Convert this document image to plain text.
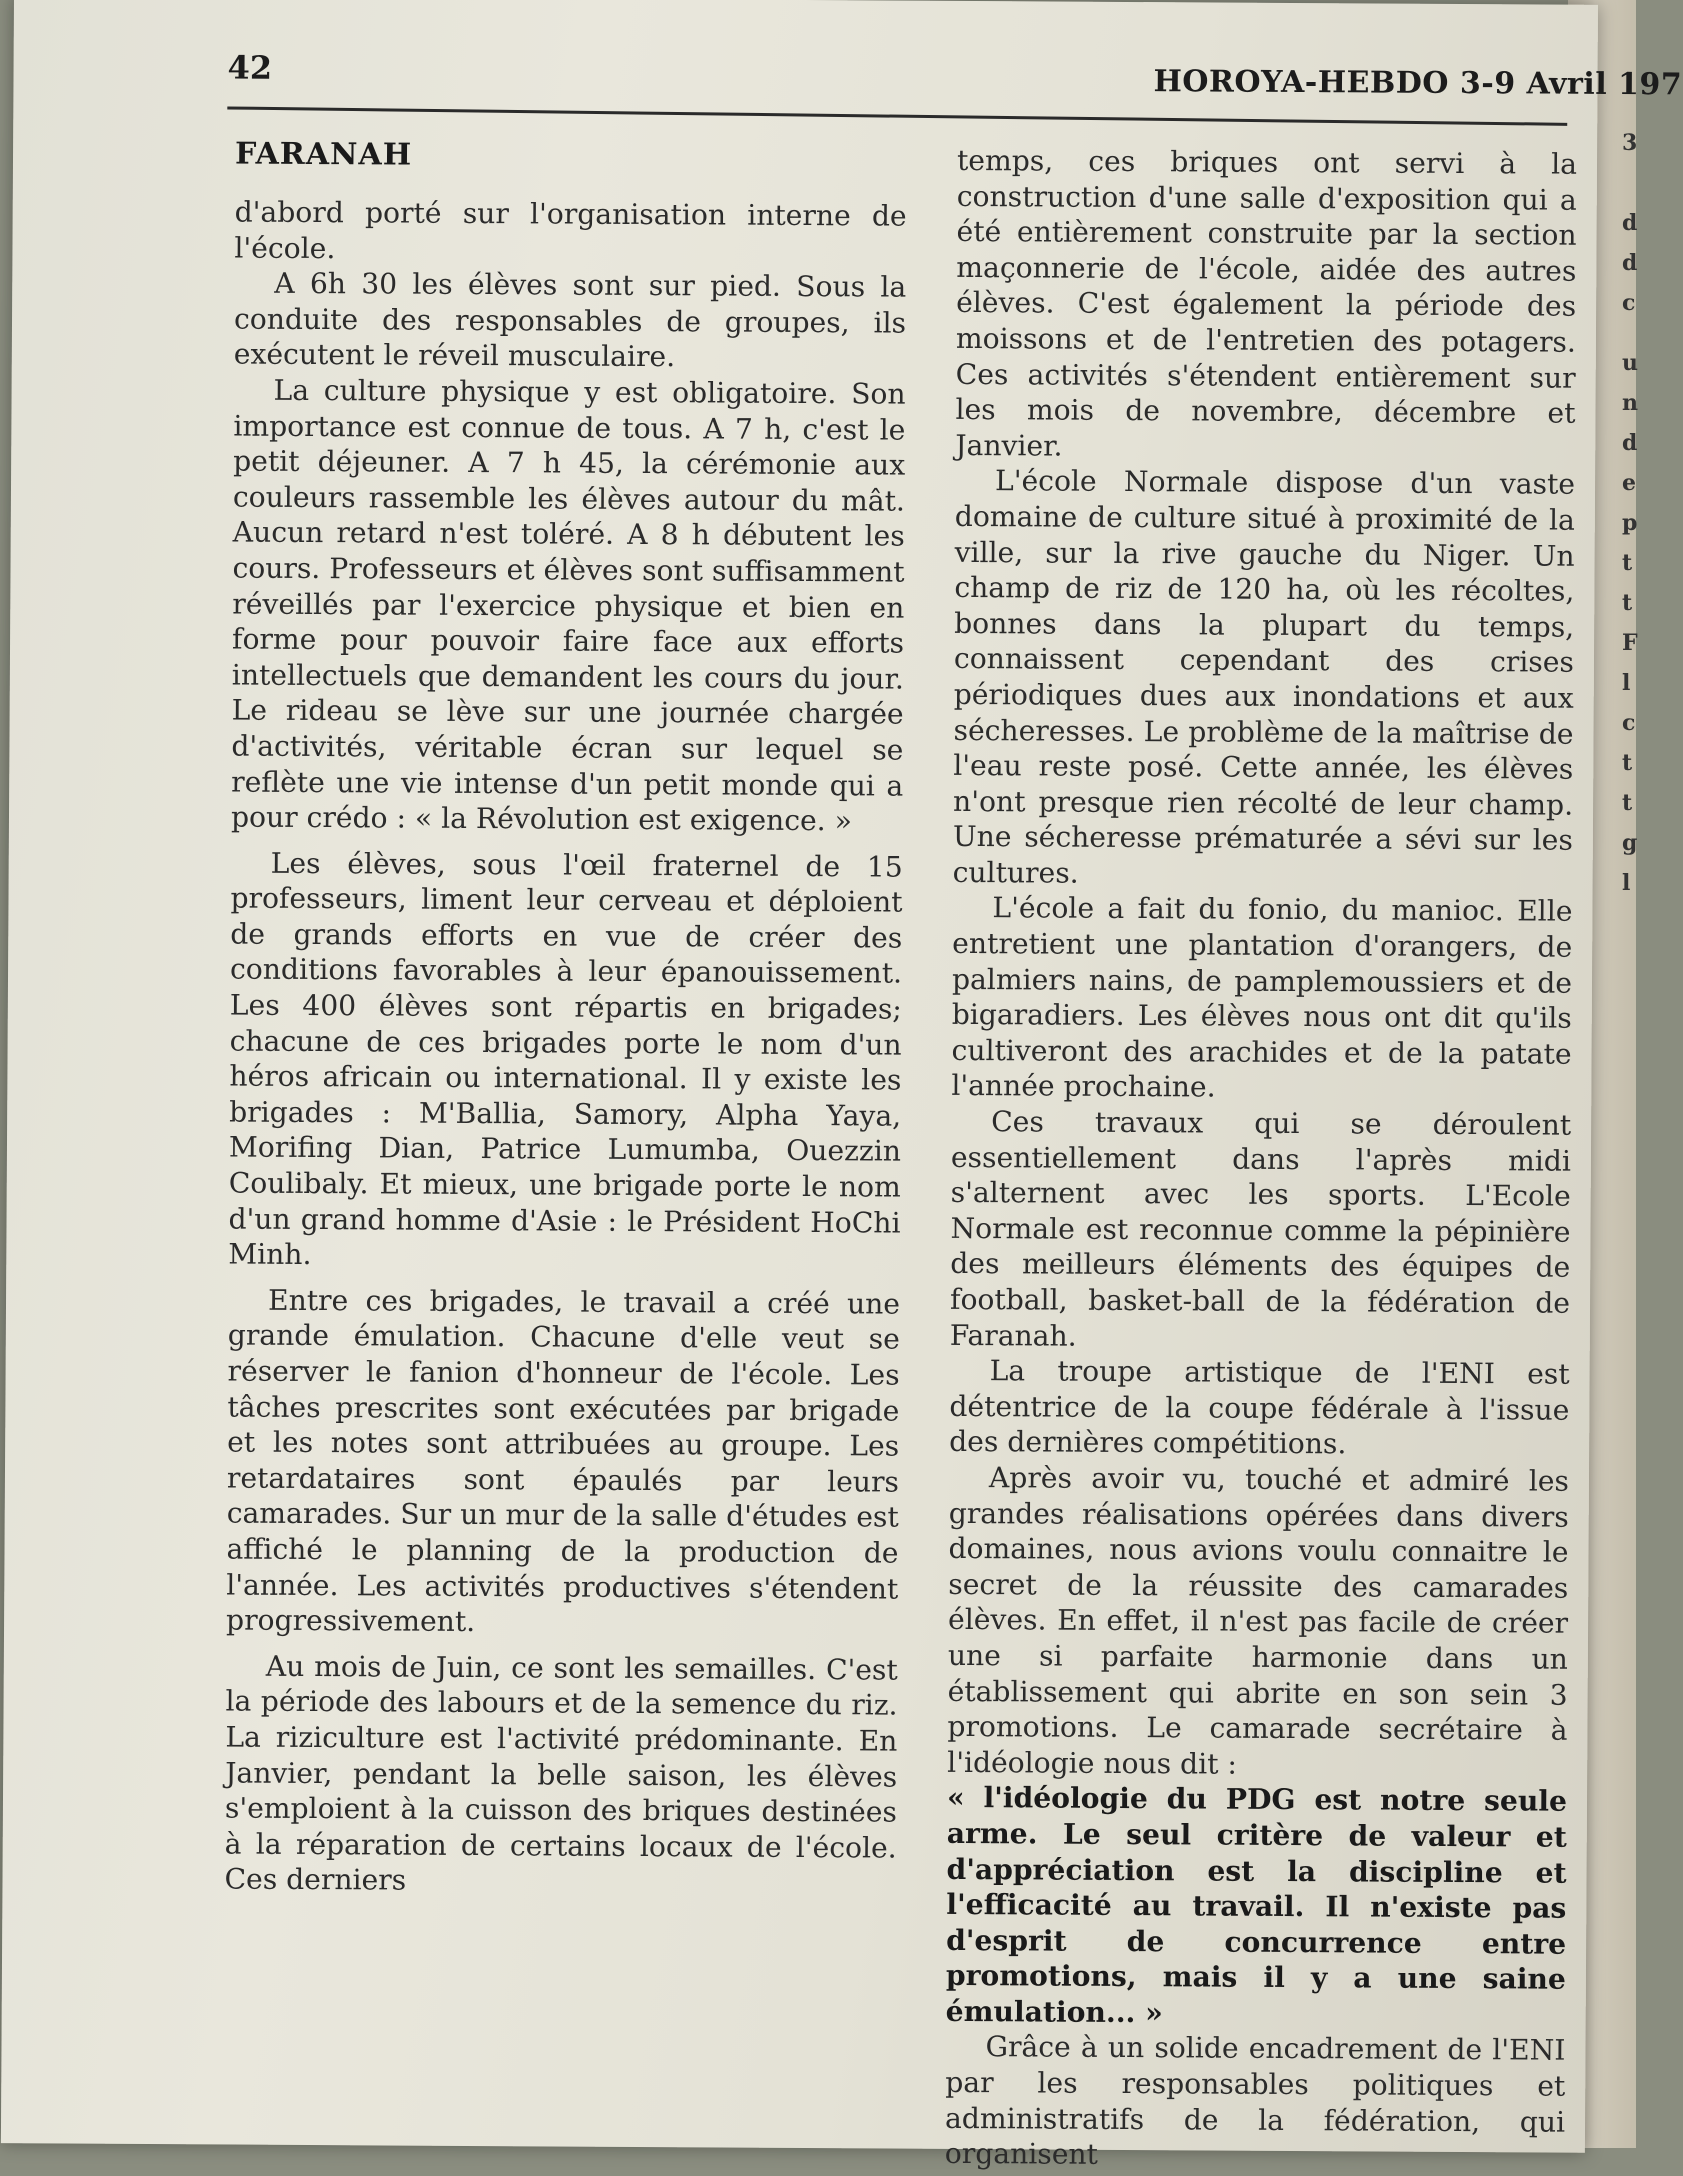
3
d
d
c
u
n
d
e
p
t
t
F
l
c
t
t
g
l
42	HOROYA-HEBDO 3-9 Avril 197
FARANAH

d'abord porté sur l'organisation interne de l'école.

A 6h 30 les élèves sont sur pied. Sous la conduite des responsables de groupes, ils exécutent le réveil musculaire.

La culture physique y est obligatoire. Son importance est connue de tous. A 7 h, c'est le petit déjeuner. A 7 h 45, la cérémonie aux couleurs rassemble les élèves autour du mât. Aucun retard n'est toléré. A 8 h débutent les cours. Professeurs et élèves sont suffisamment réveillés par l'exercice physique et bien en forme pour pouvoir faire face aux efforts intellectuels que demandent les cours du jour. Le rideau se lève sur une journée chargée d'activités, véritable écran sur lequel se reflète une vie intense d'un petit monde qui a pour crédo : « la Révolution est exigence. »

Les élèves, sous l'œil fraternel de 15 professeurs, liment leur cerveau et déploient de grands efforts en vue de créer des conditions favorables à leur épanouissement. Les 400 élèves sont répartis en brigades; chacune de ces brigades porte le nom d'un héros africain ou international. Il y existe les brigades : M'Ballia, Samory, Alpha Yaya, Morifing Dian, Patrice Lumumba, Ouezzin Coulibaly. Et mieux, une brigade porte le nom d'un grand homme d'Asie : le Président HoChi Minh.

Entre ces brigades, le travail a créé une grande émulation. Chacune d'elle veut se réserver le fanion d'honneur de l'école. Les tâches prescrites sont exécutées par brigade et les notes sont attribuées au groupe. Les retardataires sont épaulés par leurs camarades. Sur un mur de la salle d'études est affiché le planning de la production de l'année. Les activités productives s'étendent progressivement.

Au mois de Juin, ce sont les semailles. C'est la période des labours et de la semence du riz. La riziculture est l'activité prédominante. En Janvier, pendant la belle saison, les élèves s'emploient à la cuisson des briques destinées à la réparation de certains locaux de l'école. Ces derniers

temps, ces briques ont servi à la construction d'une salle d'exposition qui a été entièrement construite par la section maçonnerie de l'école, aidée des autres élèves. C'est également la période des moissons et de l'entretien des potagers. Ces activités s'étendent entièrement sur les mois de novembre, décembre et Janvier.

L'école Normale dispose d'un vaste domaine de culture situé à proximité de la ville, sur la rive gauche du Niger. Un champ de riz de 120 ha, où les récoltes, bonnes dans la plupart du temps, connaissent cependant des crises périodiques dues aux inondations et aux sécheresses. Le problème de la maîtrise de l'eau reste posé. Cette année, les élèves n'ont presque rien récolté de leur champ. Une sécheresse prématurée a sévi sur les cultures.

L'école a fait du fonio, du manioc. Elle entretient une plantation d'orangers, de palmiers nains, de pamplemoussiers et de bigaradiers. Les élèves nous ont dit qu'ils cultiveront des arachides et de la patate l'année prochaine.

Ces travaux qui se déroulent essentiellement dans l'après midi s'alternent avec les sports. L'Ecole Normale est reconnue comme la pépinière des meilleurs éléments des équipes de football, basket-ball de la fédération de Faranah.

La troupe artistique de l'ENI est détentrice de la coupe fédérale à l'issue des dernières compétitions.

Après avoir vu, touché et admiré les grandes réalisations opérées dans divers domaines, nous avions voulu connaitre le secret de la réussite des camarades élèves. En effet, il n'est pas facile de créer une si parfaite harmonie dans un établissement qui abrite en son sein 3 promotions. Le camarade secrétaire à l'idéologie nous dit :

« l'idéologie du PDG est notre seule arme. Le seul critère de valeur et d'appréciation est la discipline et l'efficacité au travail. Il n'existe pas d'esprit de concurrence entre promotions, mais il y a une saine émulation... »

Grâce à un solide encadrement de l'ENI par les responsables politiques et administratifs de la fédération, qui organisent
